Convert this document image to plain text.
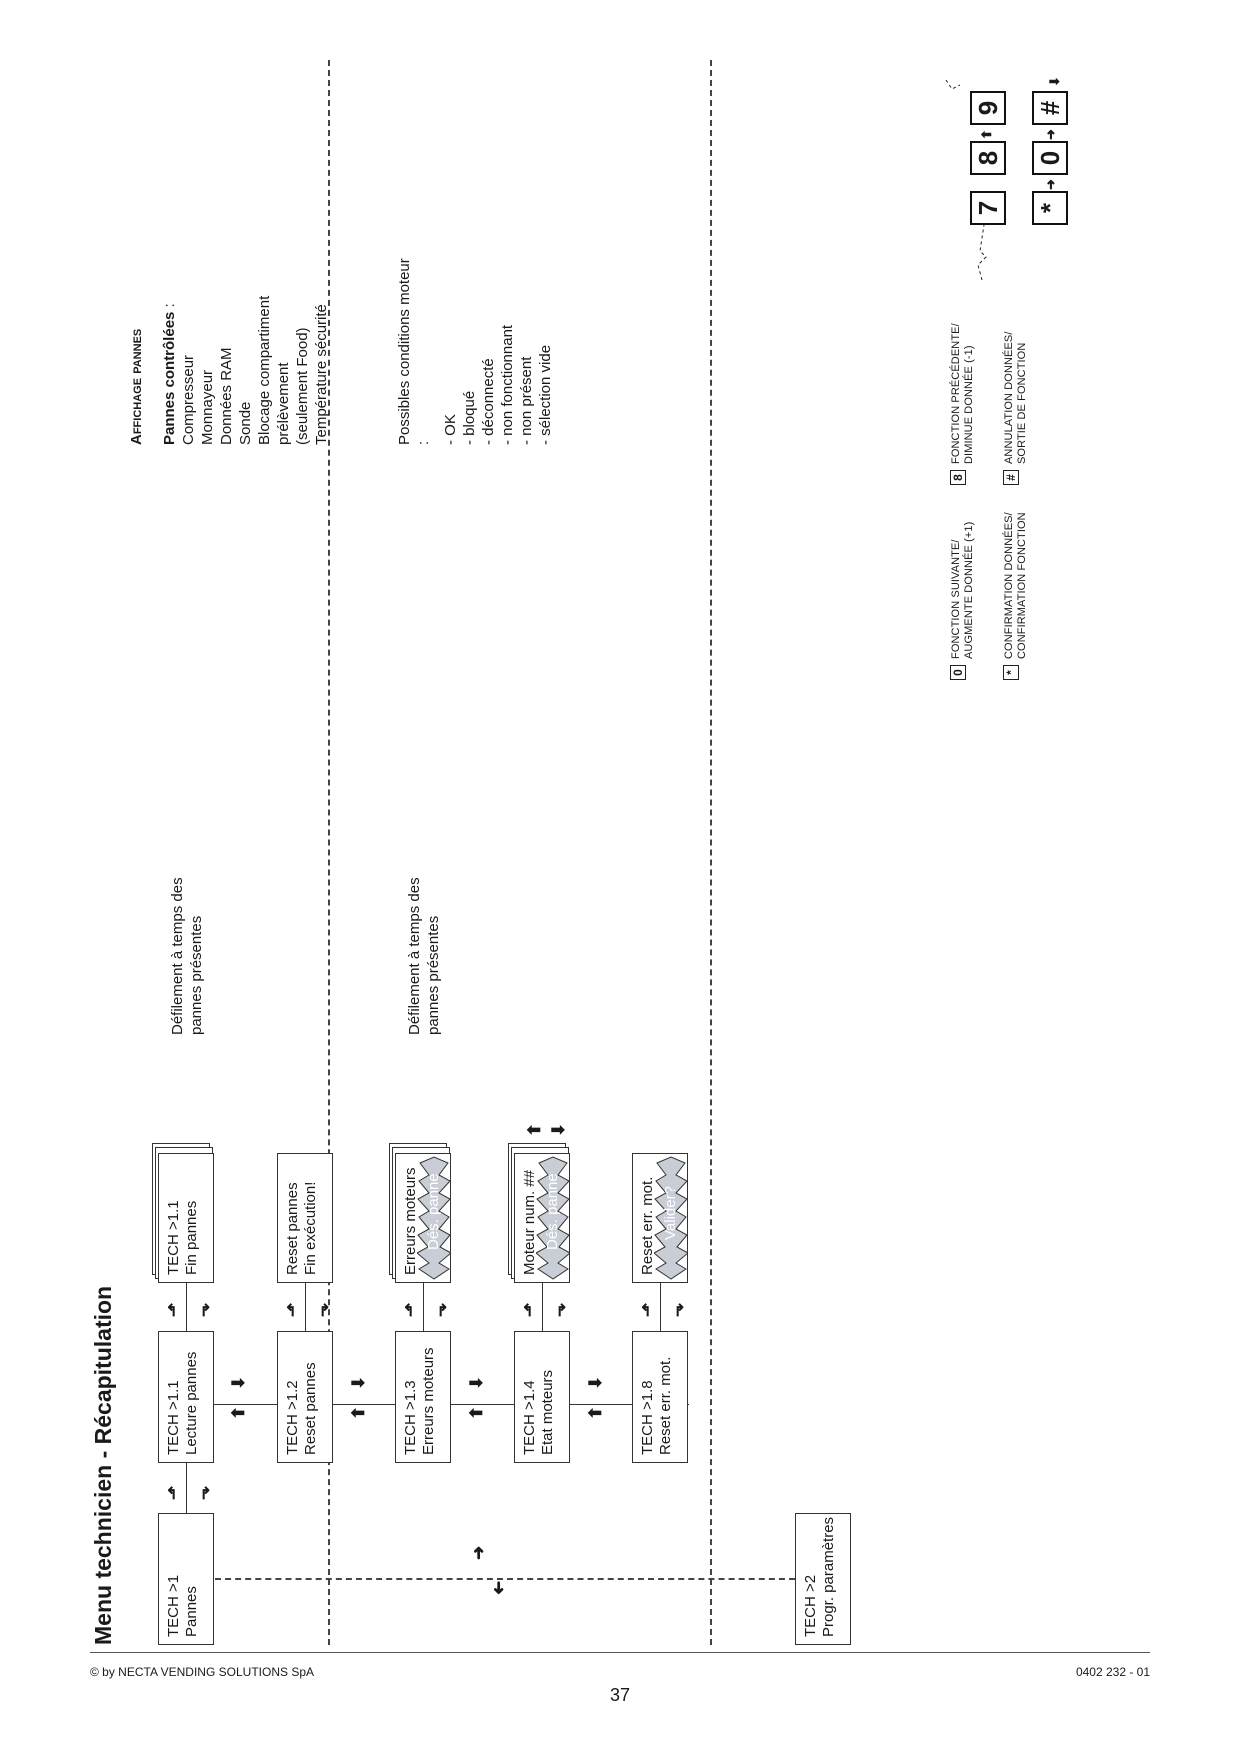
Menu technicien - Récapitulation	TECH >1 Pannes	TECH >2 Progr. paramètres
➜
➜
⬏ ⬎
TECH >1.1 Lecture pannes	TECH >1.2 Reset pannes	TECH >1.3 Erreurs moteurs	TECH >1.4 Etat moteurs	TECH >1.8 Reset err. mot.
⬆
⬇
⬆
⬇
⬆
⬇
⬆
⬇
⬏ ⬎	⬏ ⬎	⬏ ⬎	⬏ ⬎	⬏ ⬎
TECH >1.1 Fin pannes	Reset pannes Fin exécution!	Erreurs moteurs Dés. panne	Moteur num. ## Dés. panne
⬆ ⬇
Reset err. mot. Valider?
Défilement à temps des pannes présentes	Défilement à temps des pannes présentes
Affichage pannes Pannes contrôlées :
Compresseur Monnayeur Données RAM Sonde Blocage compartiment prélèvement (seulement Food) Température sécurité	Possibles conditions moteur : - OK - bloqué - déconnecté - non fonctionnant - non présent - sélection vide
0
FONCTION SUIVANTE/ AUGMENTE DONNÉE (+1)
8
FONCTION PRÉCÉDENTE/ DIMINUE DONNÉE (-1)
*
CONFIRMATION DONNÉES/ CONFIRMATION FONCTION
#
ANNULATION DONNÉES/ SORTIE DE FONCTION
7
8
9
*
0
#
⬆
➜
➜
⬇
© by NECTA VENDING SOLUTIONS SpA
37
0402 232 - 01
